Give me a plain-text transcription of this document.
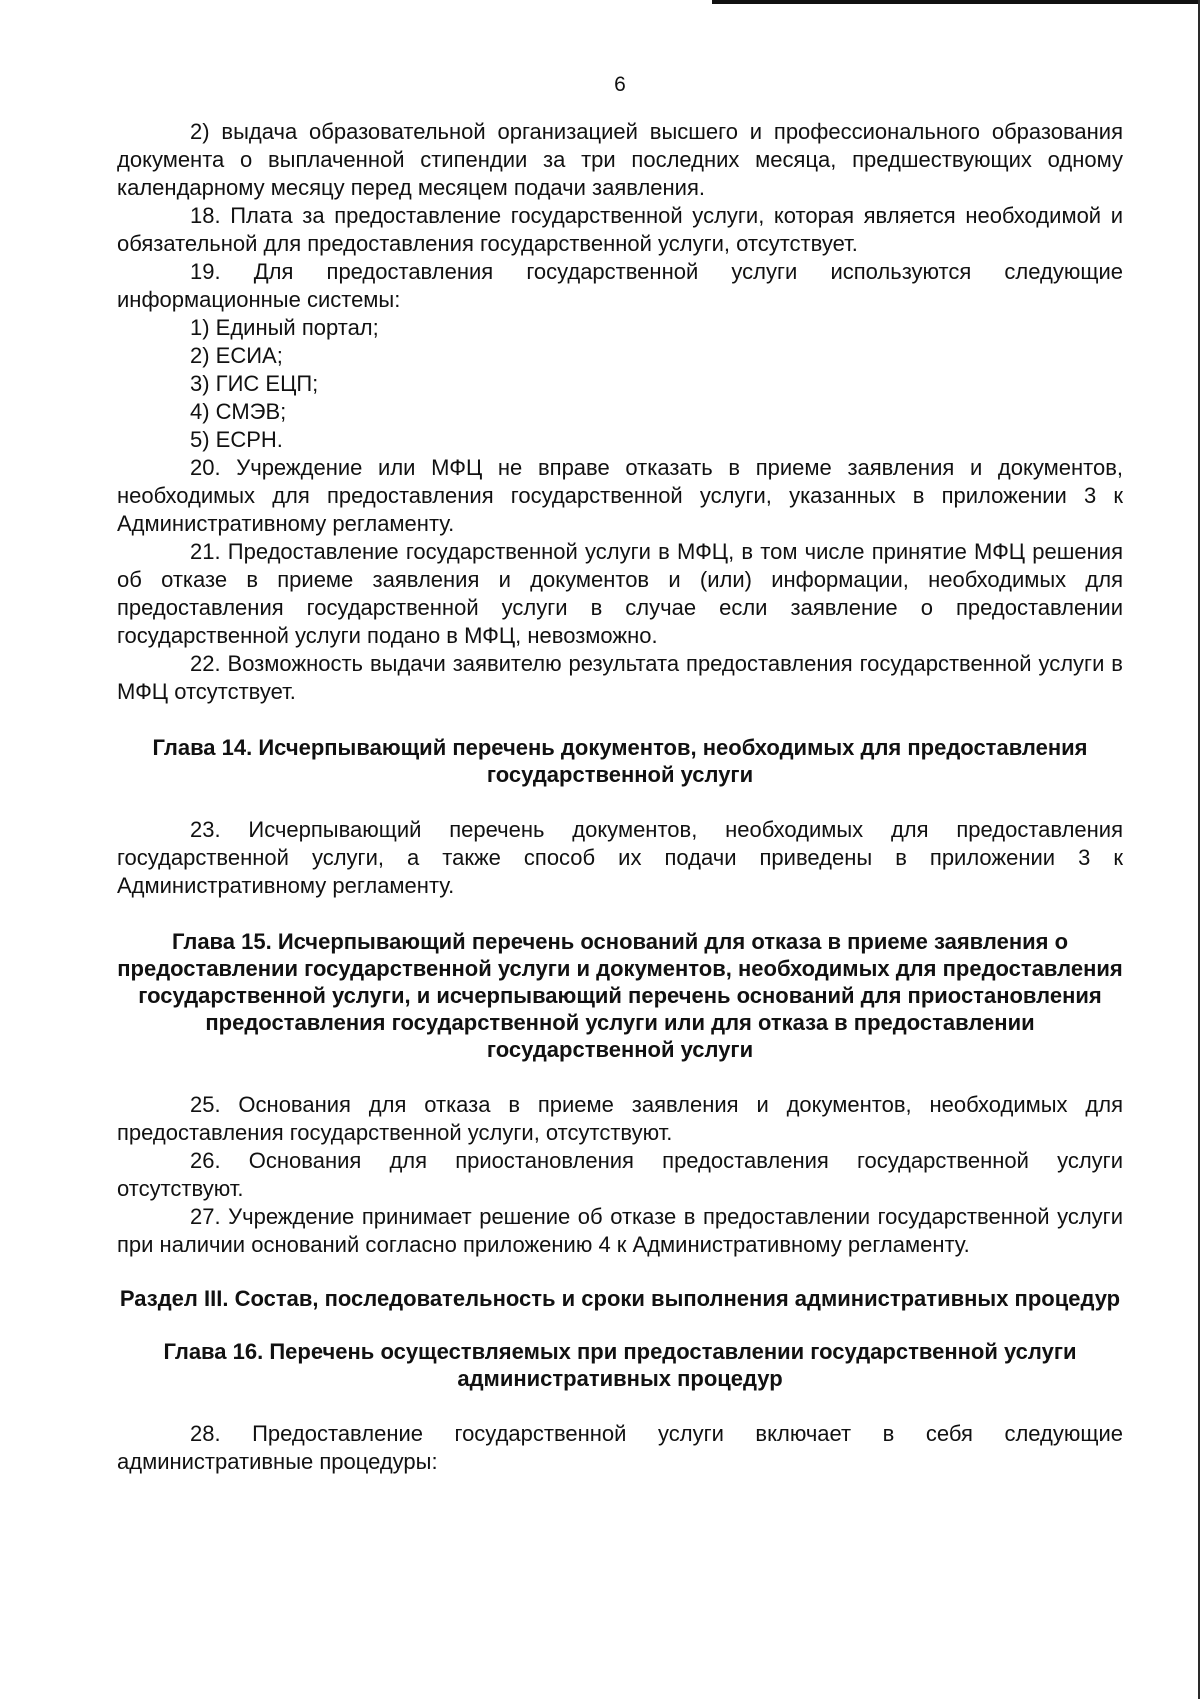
6

2) выдача образовательной организацией высшего и профессионального образования документа о выплаченной стипендии за три последних месяца, предшествующих одному календарному месяцу перед месяцем подачи заявления.

18. Плата за предоставление государственной услуги, которая является необходимой и обязательной для предоставления государственной услуги, отсутствует.

19. Для предоставления государственной услуги используются следующие информационные системы:

1) Единый портал;

2) ЕСИА;

3) ГИС ЕЦП;

4) СМЭВ;

5) ЕСРН.

20. Учреждение или МФЦ не вправе отказать в приеме заявления и документов, необходимых для предоставления государственной услуги, указанных в приложении 3 к Административному регламенту.

21. Предоставление государственной услуги в МФЦ, в том числе принятие МФЦ решения об отказе в приеме заявления и документов и (или) информации, необходимых для предоставления государственной услуги в случае если заявление о предоставлении государственной услуги подано в МФЦ, невозможно.

22. Возможность выдачи заявителю результата предоставления государственной услуги в МФЦ отсутствует.

Глава 14. Исчерпывающий перечень документов, необходимых для предоставления государственной услуги

23. Исчерпывающий перечень документов, необходимых для предоставления государственной услуги, а также способ их подачи приведены в приложении 3 к Административному регламенту.

Глава 15. Исчерпывающий перечень оснований для отказа в приеме заявления о предоставлении государственной услуги и документов, необходимых для предоставления государственной услуги, и исчерпывающий перечень оснований для приостановления предоставления государственной услуги или для отказа в предоставлении государственной услуги

25. Основания для отказа в приеме заявления и документов, необходимых для предоставления государственной услуги, отсутствуют.

26. Основания для приостановления предоставления государственной услуги отсутствуют.

27. Учреждение принимает решение об отказе в предоставлении государственной услуги при наличии оснований согласно приложению 4 к Административному регламенту.

Раздел III. Состав, последовательность и сроки выполнения административных процедур

Глава 16. Перечень осуществляемых при предоставлении государственной услуги административных процедур

28. Предоставление государственной услуги включает в себя следующие административные процедуры:
